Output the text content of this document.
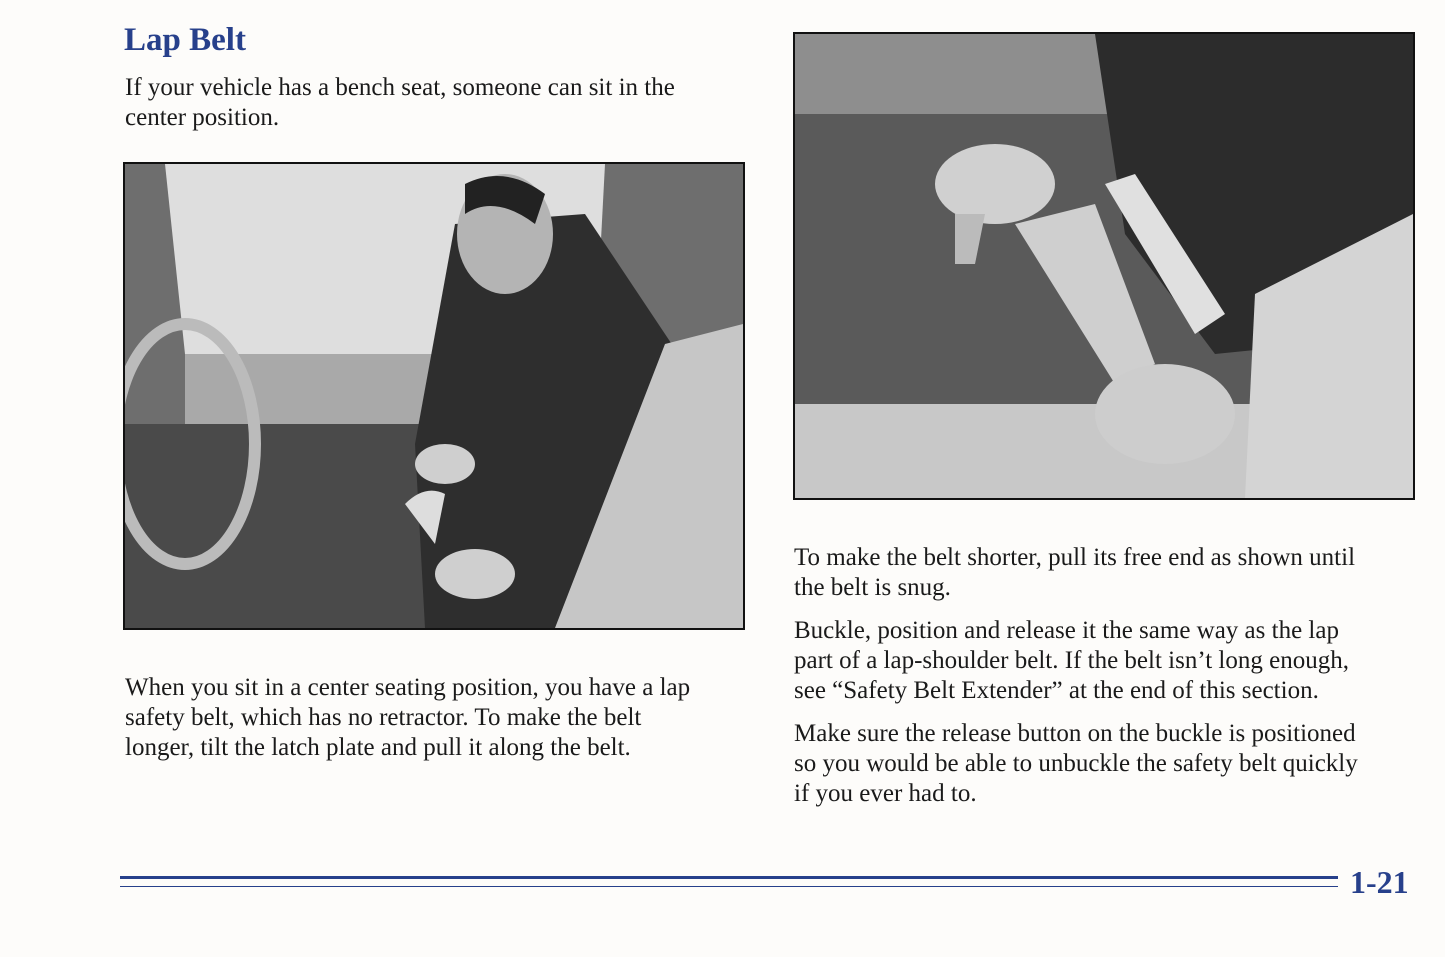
Lap Belt
If your vehicle has a bench seat, someone can sit in the
center position.
When you sit in a center seating position, you have a lap
safety belt, which has no retractor. To make the belt
longer, tilt the latch plate and pull it along the belt.
To make the belt shorter, pull its free end as shown until
the belt is snug.
Buckle, position and release it the same way as the lap
part of a lap-shoulder belt. If the belt isn’t long enough,
see “Safety Belt Extender” at the end of this section.
Make sure the release button on the buckle is positioned
so you would be able to unbuckle the safety belt quickly
if you ever had to.
1-21
